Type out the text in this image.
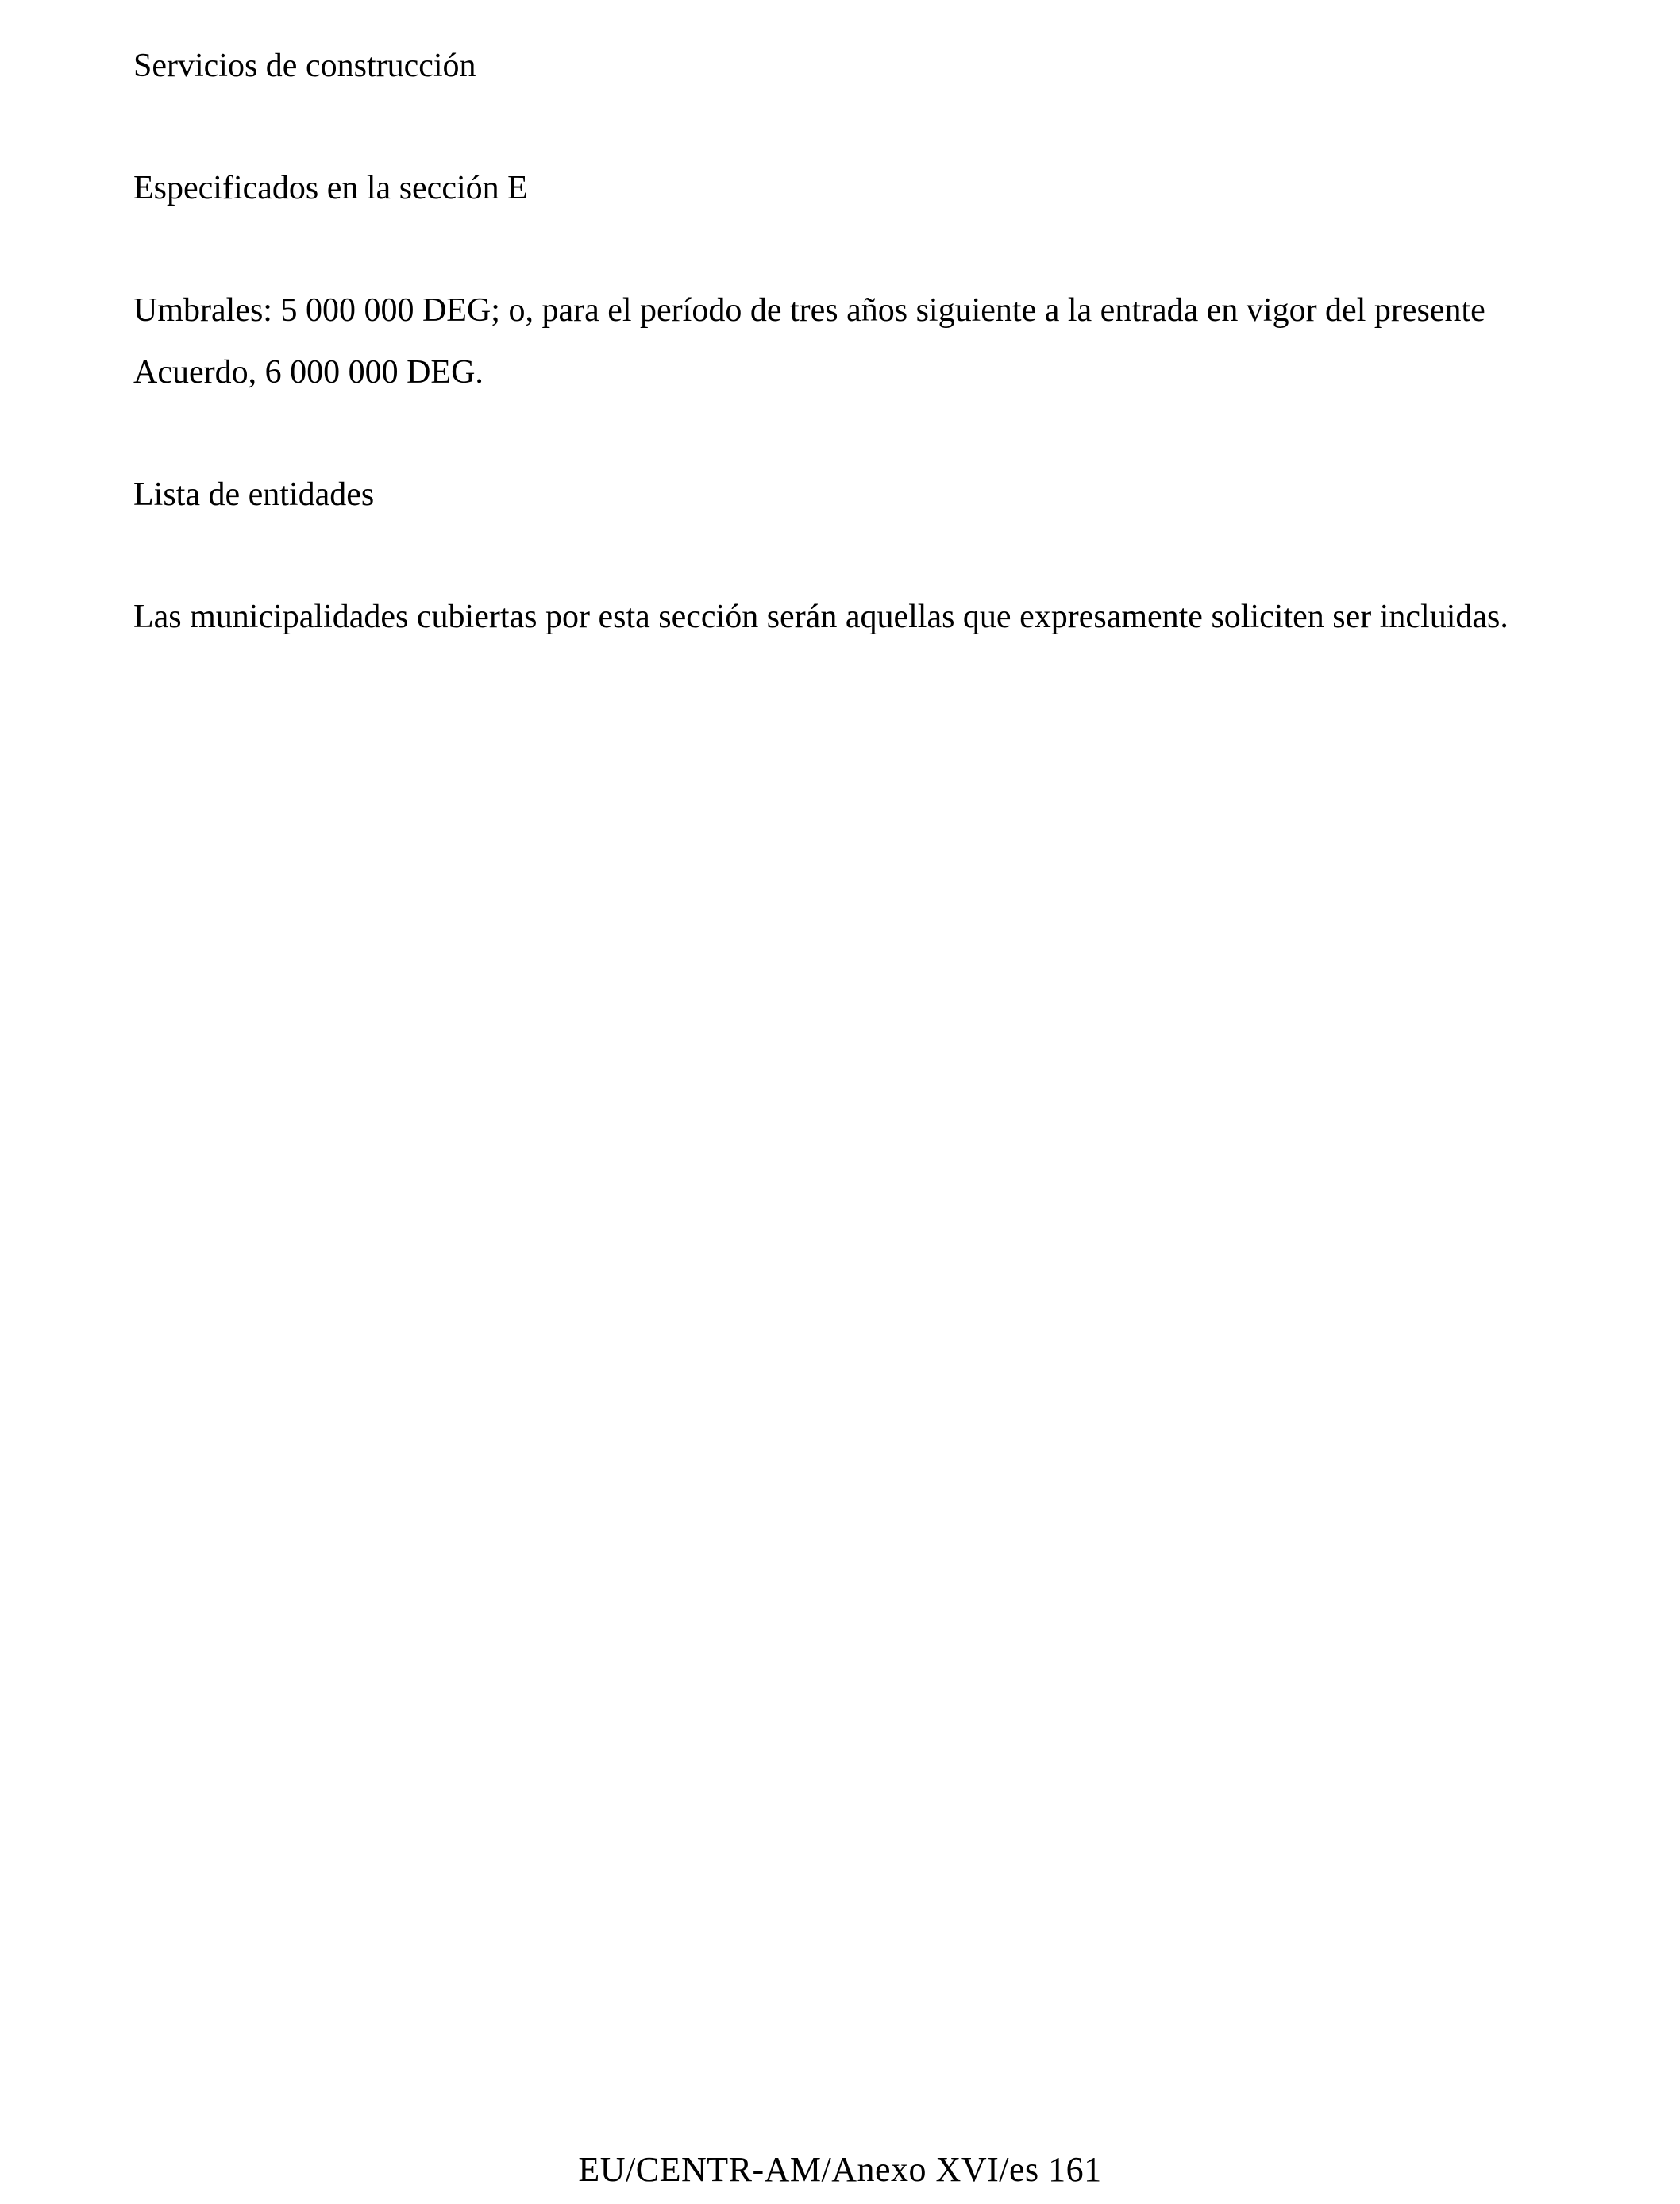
Servicios de construcción

Especificados en la sección E

Umbrales: 5 000 000 DEG; o, para el período de tres años siguiente a la entrada en vigor del presente Acuerdo, 6 000 000 DEG.

Lista de entidades

Las municipalidades cubiertas por esta sección serán aquellas que expresamente soliciten ser incluidas.

EU/CENTR-AM/Anexo XVI/es 161
